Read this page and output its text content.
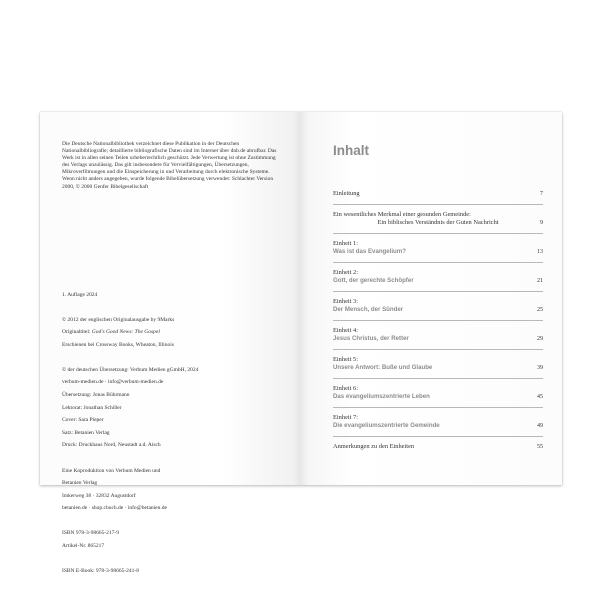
Die Deutsche Nationalbibliothek verzeichnet diese Publikation in der Deutschen Nationalbibliografie; detaillierte bibliografische Daten sind im Internet über dnb.de abrufbar. Das Werk ist in allen seinen Teilen urheberrechtlich geschützt. Jede Verwertung ist ohne Zustimmung des Verlags unzulässig. Das gilt insbesondere für Vervielfältigungen, Übersetzungen, Mikroverfilmungen und die Einspeicherung in und Verarbeitung durch elektronische Systeme.

Wenn nicht anders angegeben, wurde folgende Bibelübersetzung verwendet: Schlachter Version 2000, © 2000 Genfer Bibelgesellschaft

1. Auflage 2024

© 2012 der englischen Originalausgabe by 9Marks

Originaltitel: God's Good News: The Gospel

Erschienen bei Crossway Books, Wheaton, Illinois

© der deutschen Übersetzung: Verbum Medien gGmbH, 2024

verbum-medien.de · info@verbum-medien.de

Übersetzung: Jonas Bührmann

Lektorat: Jonathan Schiller

Cover: Sara Pieper

Satz: Betanien Verlag

Druck: Druckhaus Nord, Neustadt a.d. Aisch

Eine Koproduktion von Verbum Medien und

Betanien Verlag

Imkerweg 38 · 32832 Augustdorf

betanien.de · shop.cbuch.de · info@betanien.de

ISBN 978-3-98665-217-9

Artikel-Nr. 865217

ISBN E-Book: 978-3-98665-241-8

Inhalt
Einleitung	7
Ein wesentliches Merkmal einer gesunden Gemeinde:
Ein biblisches Verständnis der Guten Nachricht	9
Einheit 1:
Was ist das Evangelium?	13
Einheit 2:
Gott, der gerechte Schöpfer	21
Einheit 3:
Der Mensch, der Sünder	25
Einheit 4:
Jesus Christus, der Retter	29
Einheit 5:
Unsere Antwort: Buße und Glaube	39
Einheit 6:
Das evangeliumszentrierte Leben	45
Einheit 7:
Die evangeliumszentrierte Gemeinde	49
Anmerkungen zu den Einheiten	55
